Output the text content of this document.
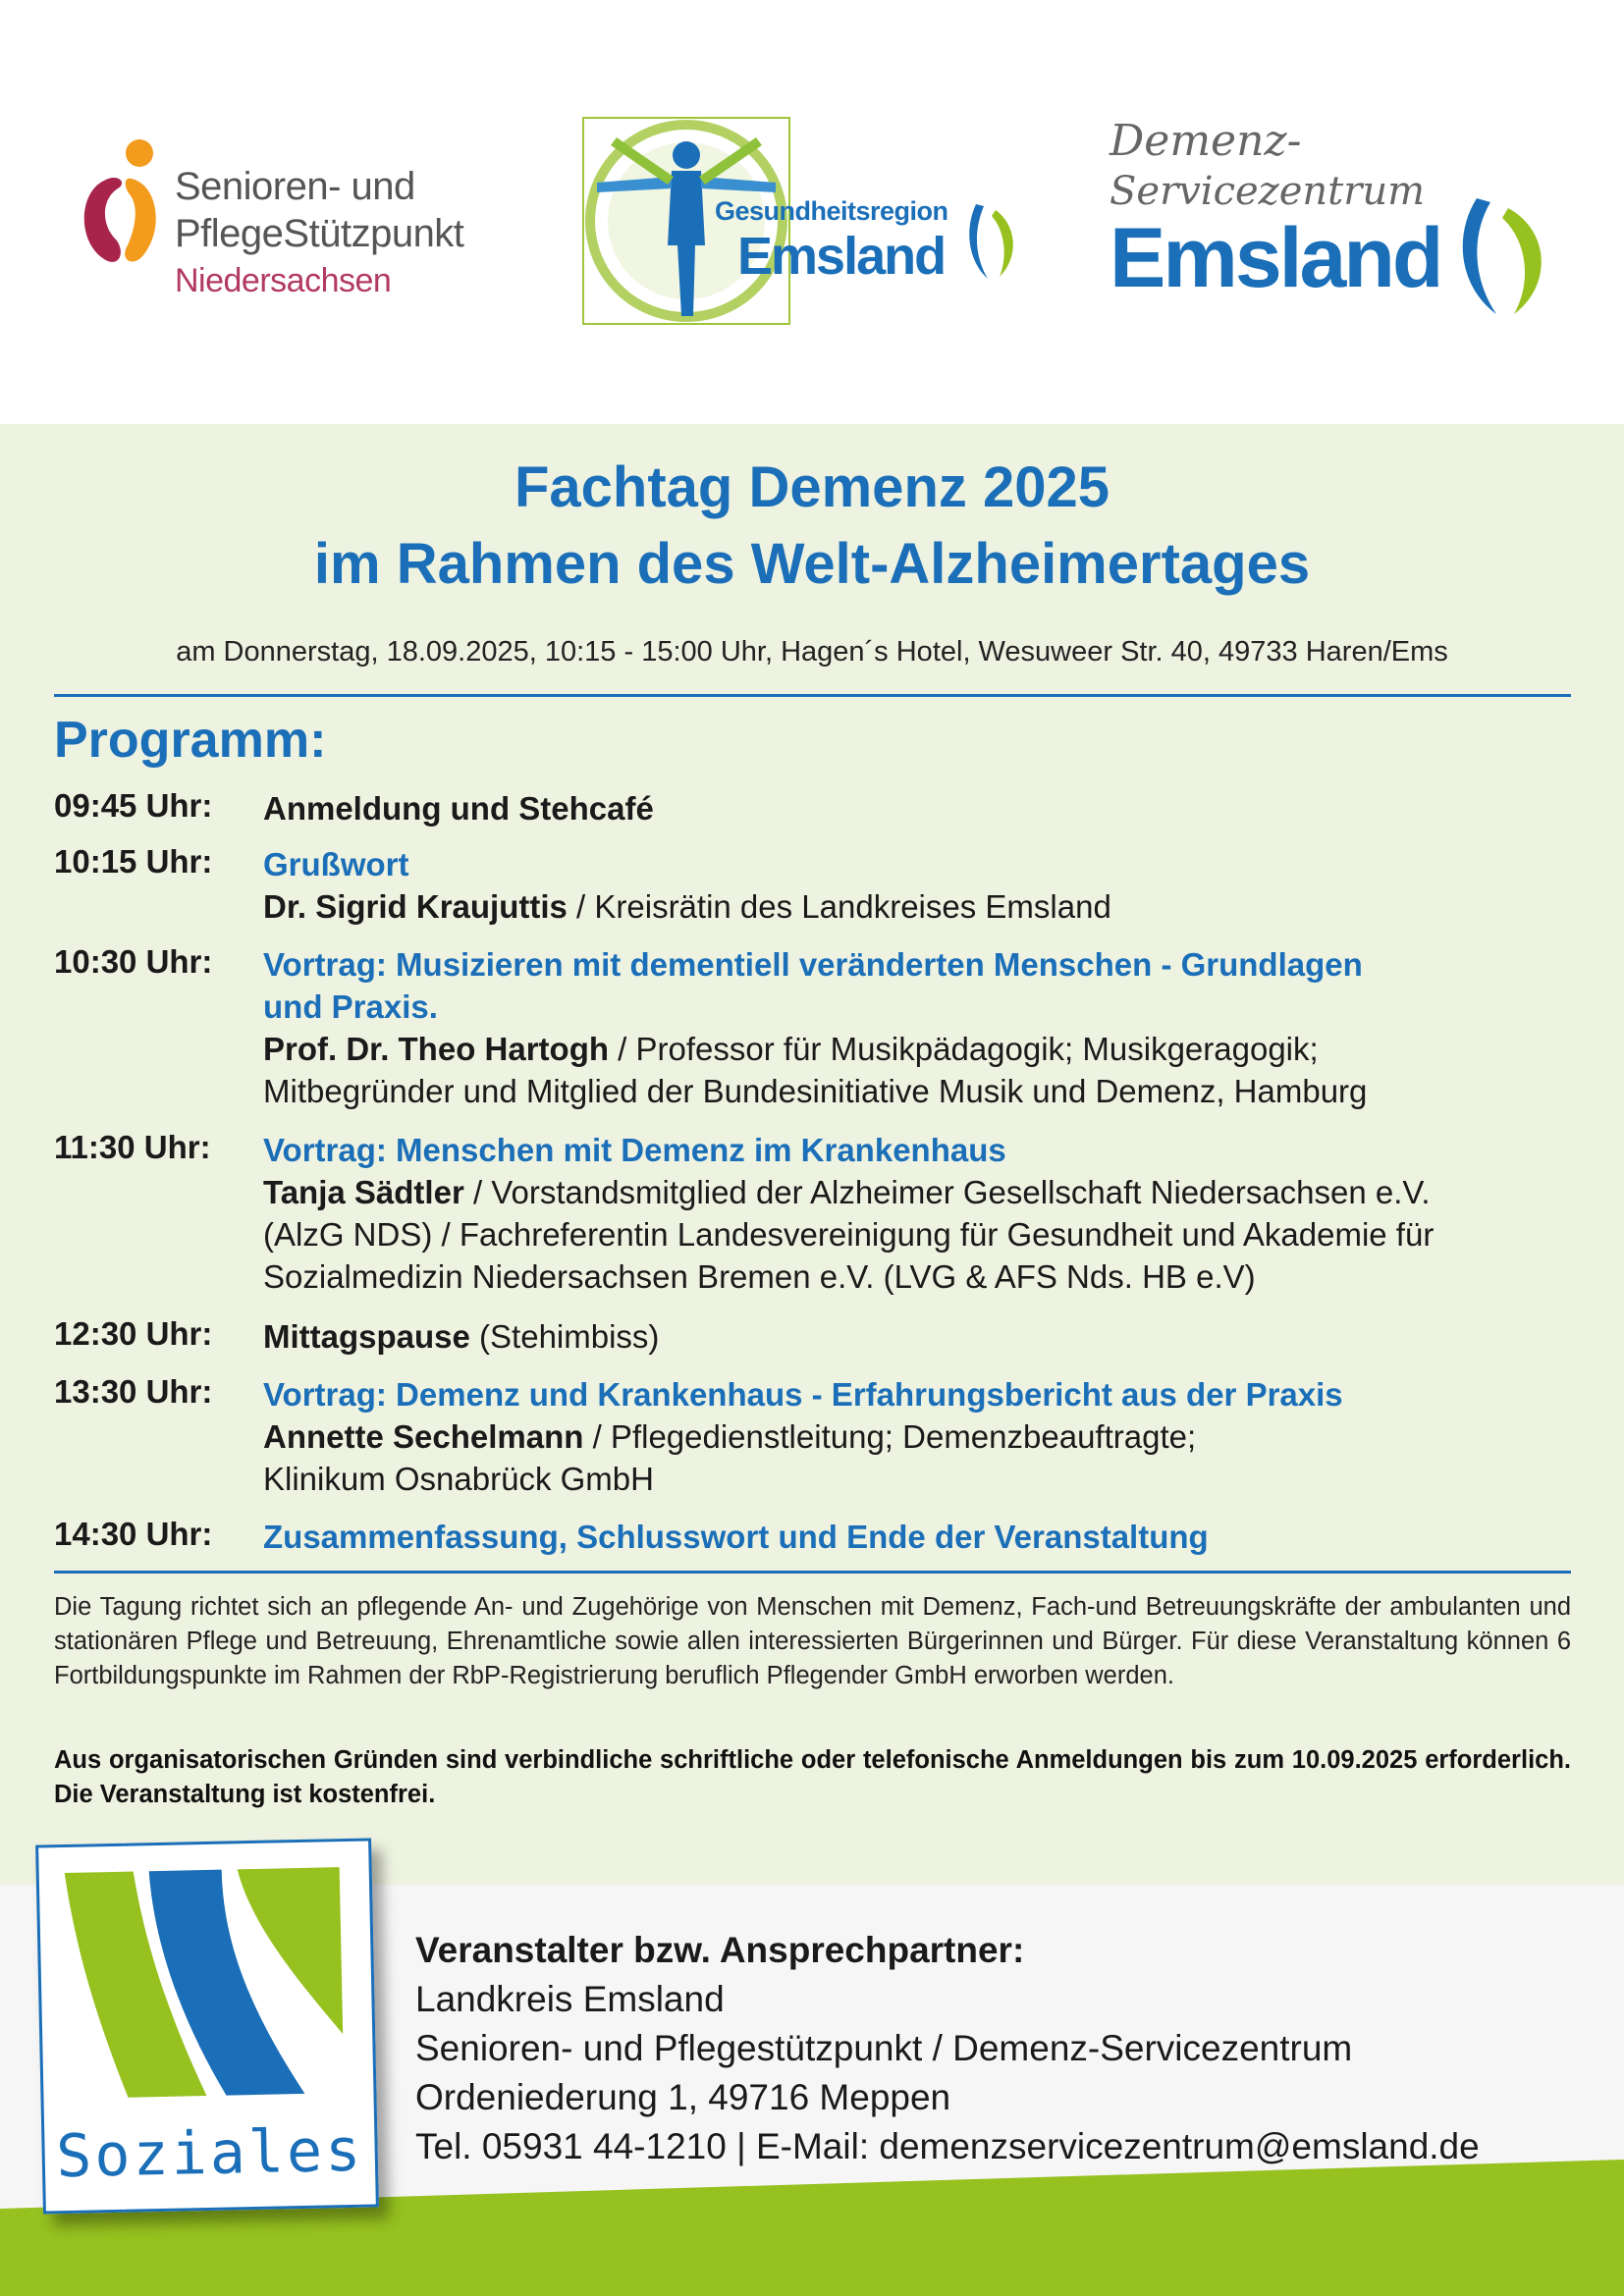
Senioren- und
PflegeStützpunkt
Niedersachsen
Gesundheitsregion
Emsland
Demenz-
Servicezentrum
Emsland
Fachtag Demenz 2025
im Rahmen des Welt-Alzheimertages
am Donnerstag, 18.09.2025, 10:15 - 15:00 Uhr, Hagen´s Hotel, Wesuweer Str. 40, 49733 Haren/Ems
Programm:
09:45 Uhr: Anmeldung und Stehcafé
10:15 Uhr: Grußwort
Dr. Sigrid Kraujuttis / Kreisrätin des Landkreises Emsland
10:30 Uhr: Vortrag: Musizieren mit dementiell veränderten Menschen - Grundlagen
und Praxis.
Prof. Dr. Theo Hartogh / Professor für Musikpädagogik; Musikgeragogik;
Mitbegründer und Mitglied der Bundesinitiative Musik und Demenz, Hamburg
11:30 Uhr: Vortrag: Menschen mit Demenz im Krankenhaus
Tanja Sädtler / Vorstandsmitglied der Alzheimer Gesellschaft Niedersachsen e.V.
(AlzG NDS) / Fachreferentin Landesvereinigung für Gesundheit und Akademie für
Sozialmedizin Niedersachsen Bremen e.V. (LVG & AFS Nds. HB e.V)
12:30 Uhr: Mittagspause (Stehimbiss)
13:30 Uhr: Vortrag: Demenz und Krankenhaus - Erfahrungsbericht aus der Praxis
Annette Sechelmann / Pflegedienstleitung; Demenzbeauftragte;
Klinikum Osnabrück GmbH
14:30 Uhr: Zusammenfassung, Schlusswort und Ende der Veranstaltung
Die Tagung richtet sich an pflegende An- und Zugehörige von Menschen mit Demenz, Fach-und Betreuungskräfte der ambulanten und stationären Pflege und Betreuung, Ehrenamtliche sowie allen interessierten Bürgerinnen und Bürger. Für diese Veranstaltung können 6 Fortbildungspunkte im Rahmen der RbP-Registrierung beruflich Pflegender GmbH erworben werden.
Aus organisatorischen Gründen sind verbindliche schriftliche oder telefonische Anmeldungen bis zum 10.09.2025 erforderlich. Die Veranstaltung ist kostenfrei.
Soziales
Veranstalter bzw. Ansprechpartner:
Landkreis Emsland
Senioren- und Pflegestützpunkt / Demenz-Servicezentrum
Ordeniederung 1, 49716 Meppen
Tel. 05931 44-1210 | E-Mail: demenzservicezentrum@emsland.de
